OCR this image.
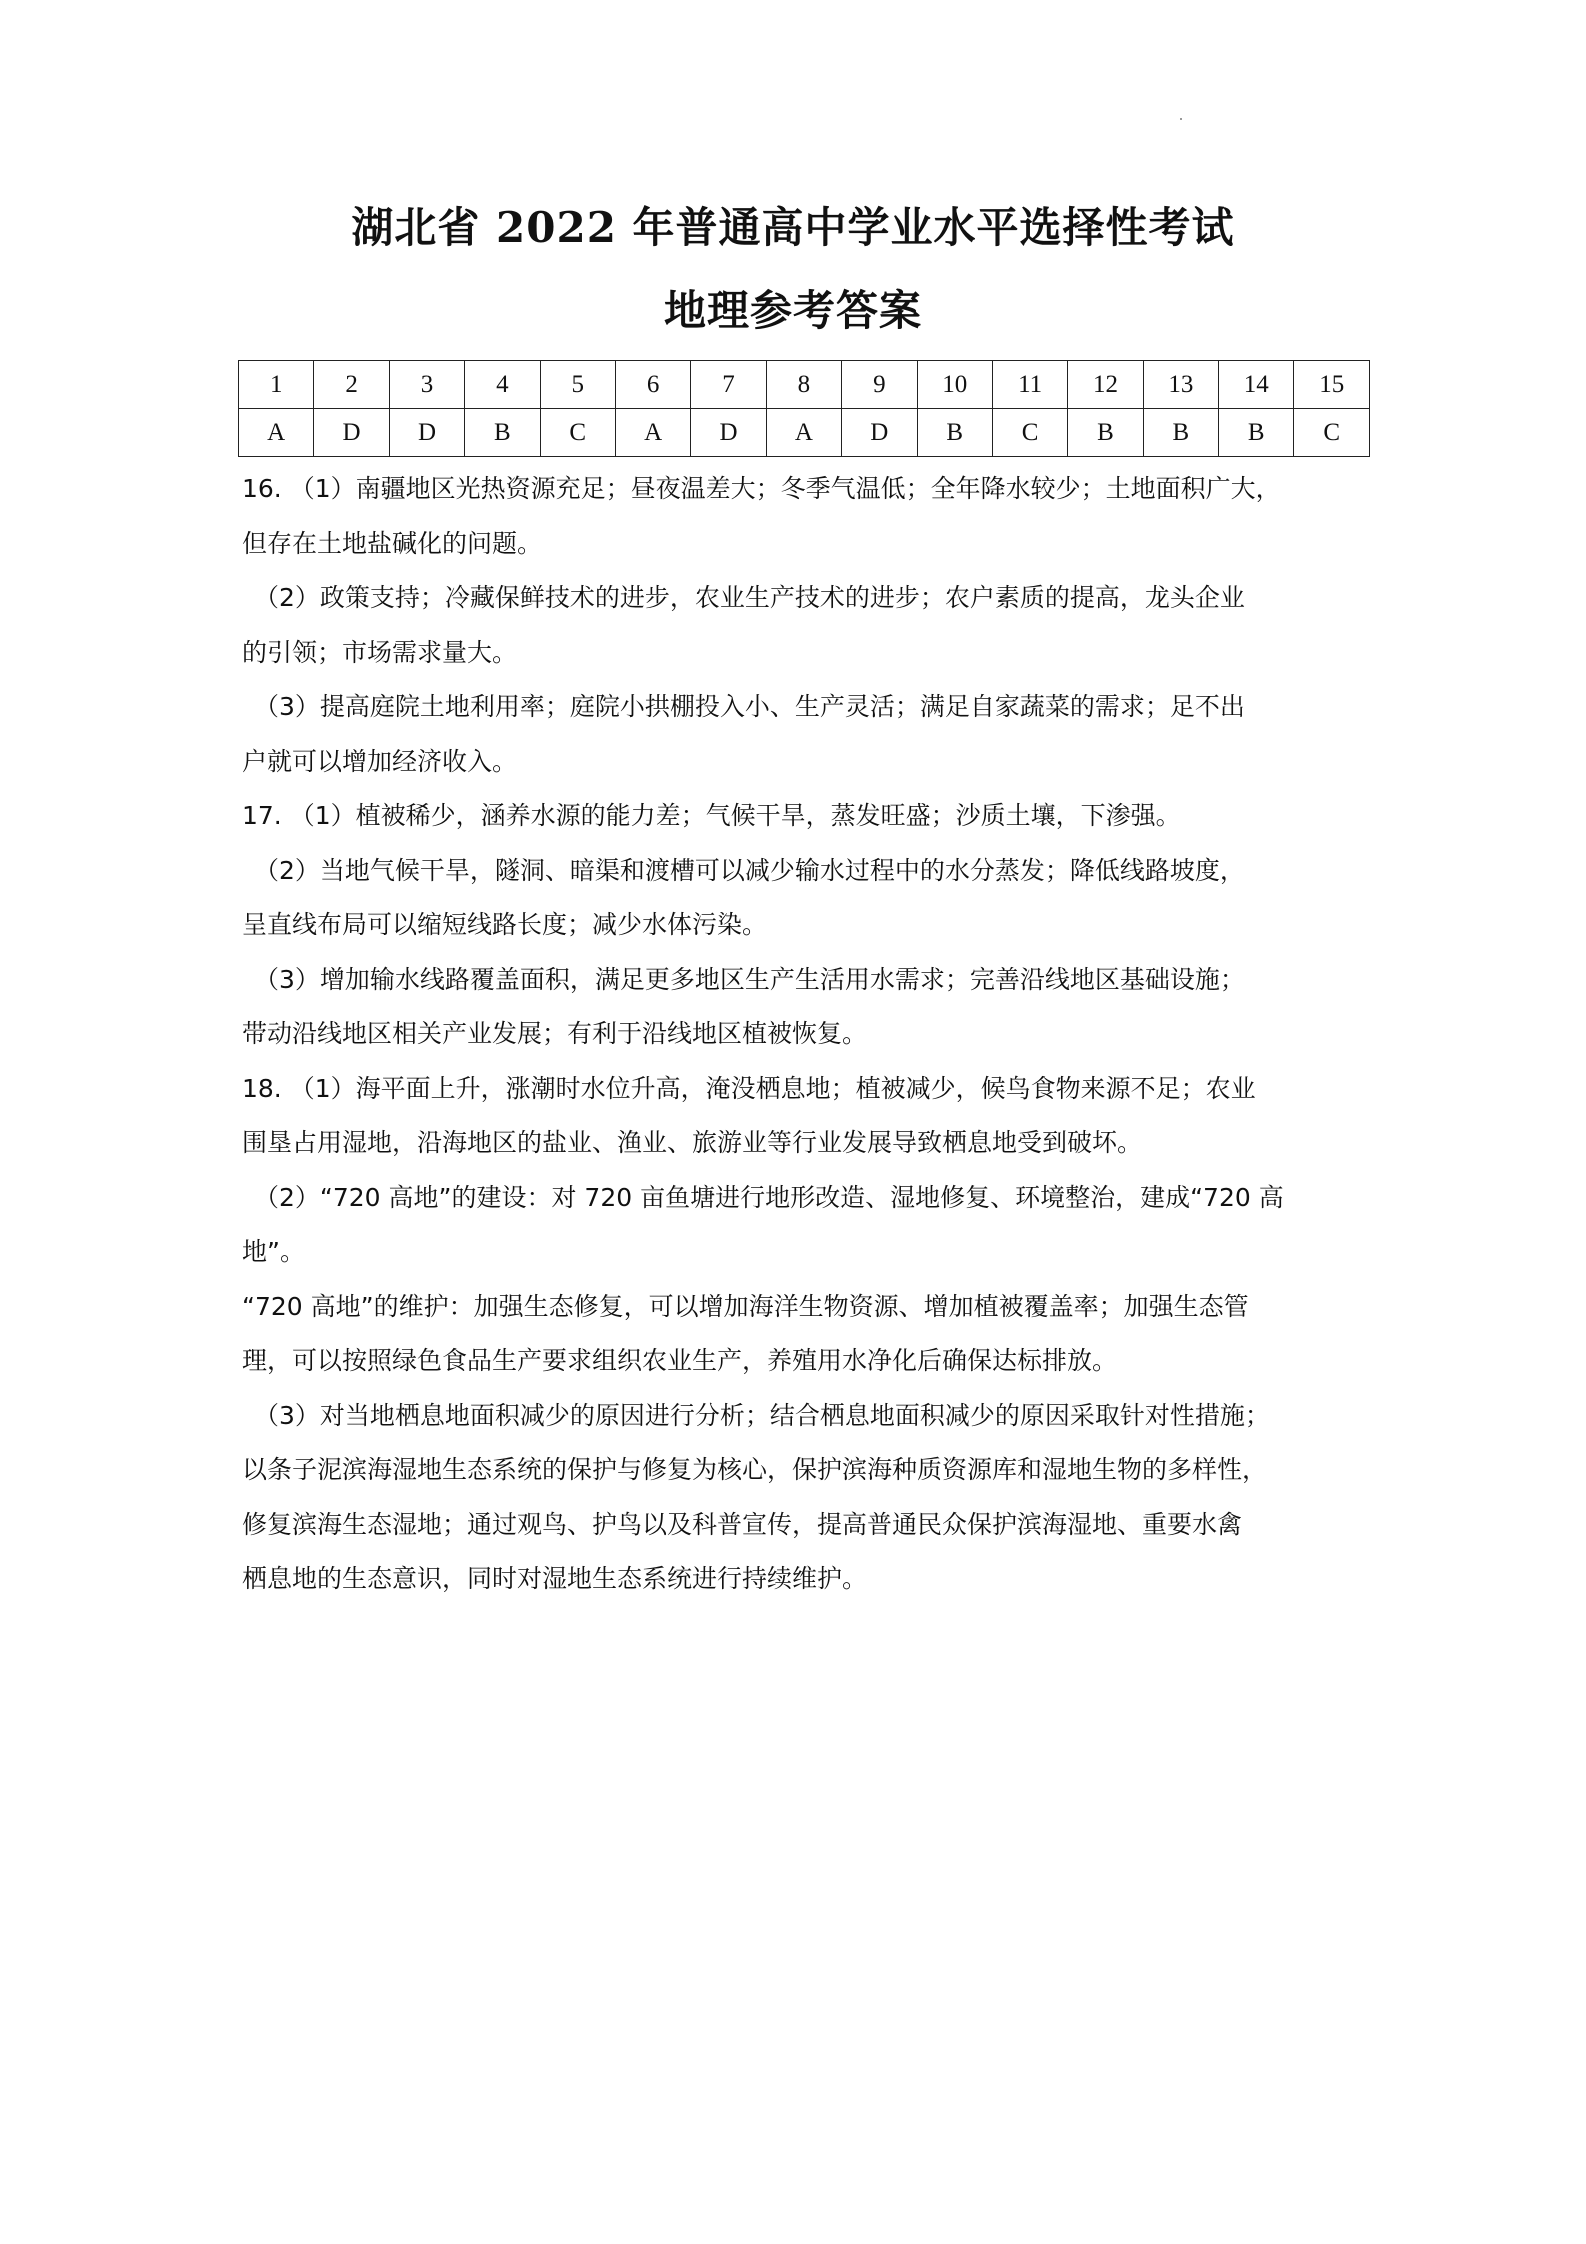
湖北省 2022 年普通高中学业水平选择性考试
地理参考答案
1	2	3	4	5	6	7	8	9	10	11	12	13	14	15
A	D	D	B	C	A	D	A	D	B	C	B	B	B	C

16. （1）南疆地区光热资源充足；昼夜温差大；冬季气温低；全年降水较少；土地面积广大，

但存在土地盐碱化的问题。

（2）政策支持；冷藏保鲜技术的进步，农业生产技术的进步；农户素质的提高，龙头企业

的引领；市场需求量大。

（3）提高庭院土地利用率；庭院小拱棚投入小、生产灵活；满足自家蔬菜的需求；足不出

户就可以增加经济收入。

17. （1）植被稀少，涵养水源的能力差；气候干旱，蒸发旺盛；沙质土壤，下渗强。

（2）当地气候干旱，隧洞、暗渠和渡槽可以减少输水过程中的水分蒸发；降低线路坡度，

呈直线布局可以缩短线路长度；减少水体污染。

（3）增加输水线路覆盖面积，满足更多地区生产生活用水需求；完善沿线地区基础设施；

带动沿线地区相关产业发展；有利于沿线地区植被恢复。

18. （1）海平面上升，涨潮时水位升高，淹没栖息地；植被减少，候鸟食物来源不足；农业

围垦占用湿地，沿海地区的盐业、渔业、旅游业等行业发展导致栖息地受到破坏。

（2）“720 高地”的建设：对 720 亩鱼塘进行地形改造、湿地修复、环境整治，建成“720 高

地”。

“720 高地”的维护：加强生态修复，可以增加海洋生物资源、增加植被覆盖率；加强生态管

理，可以按照绿色食品生产要求组织农业生产，养殖用水净化后确保达标排放。

（3）对当地栖息地面积减少的原因进行分析；结合栖息地面积减少的原因采取针对性措施；

以条子泥滨海湿地生态系统的保护与修复为核心，保护滨海种质资源库和湿地生物的多样性，

修复滨海生态湿地；通过观鸟、护鸟以及科普宣传，提高普通民众保护滨海湿地、重要水禽

栖息地的生态意识，同时对湿地生态系统进行持续维护。
